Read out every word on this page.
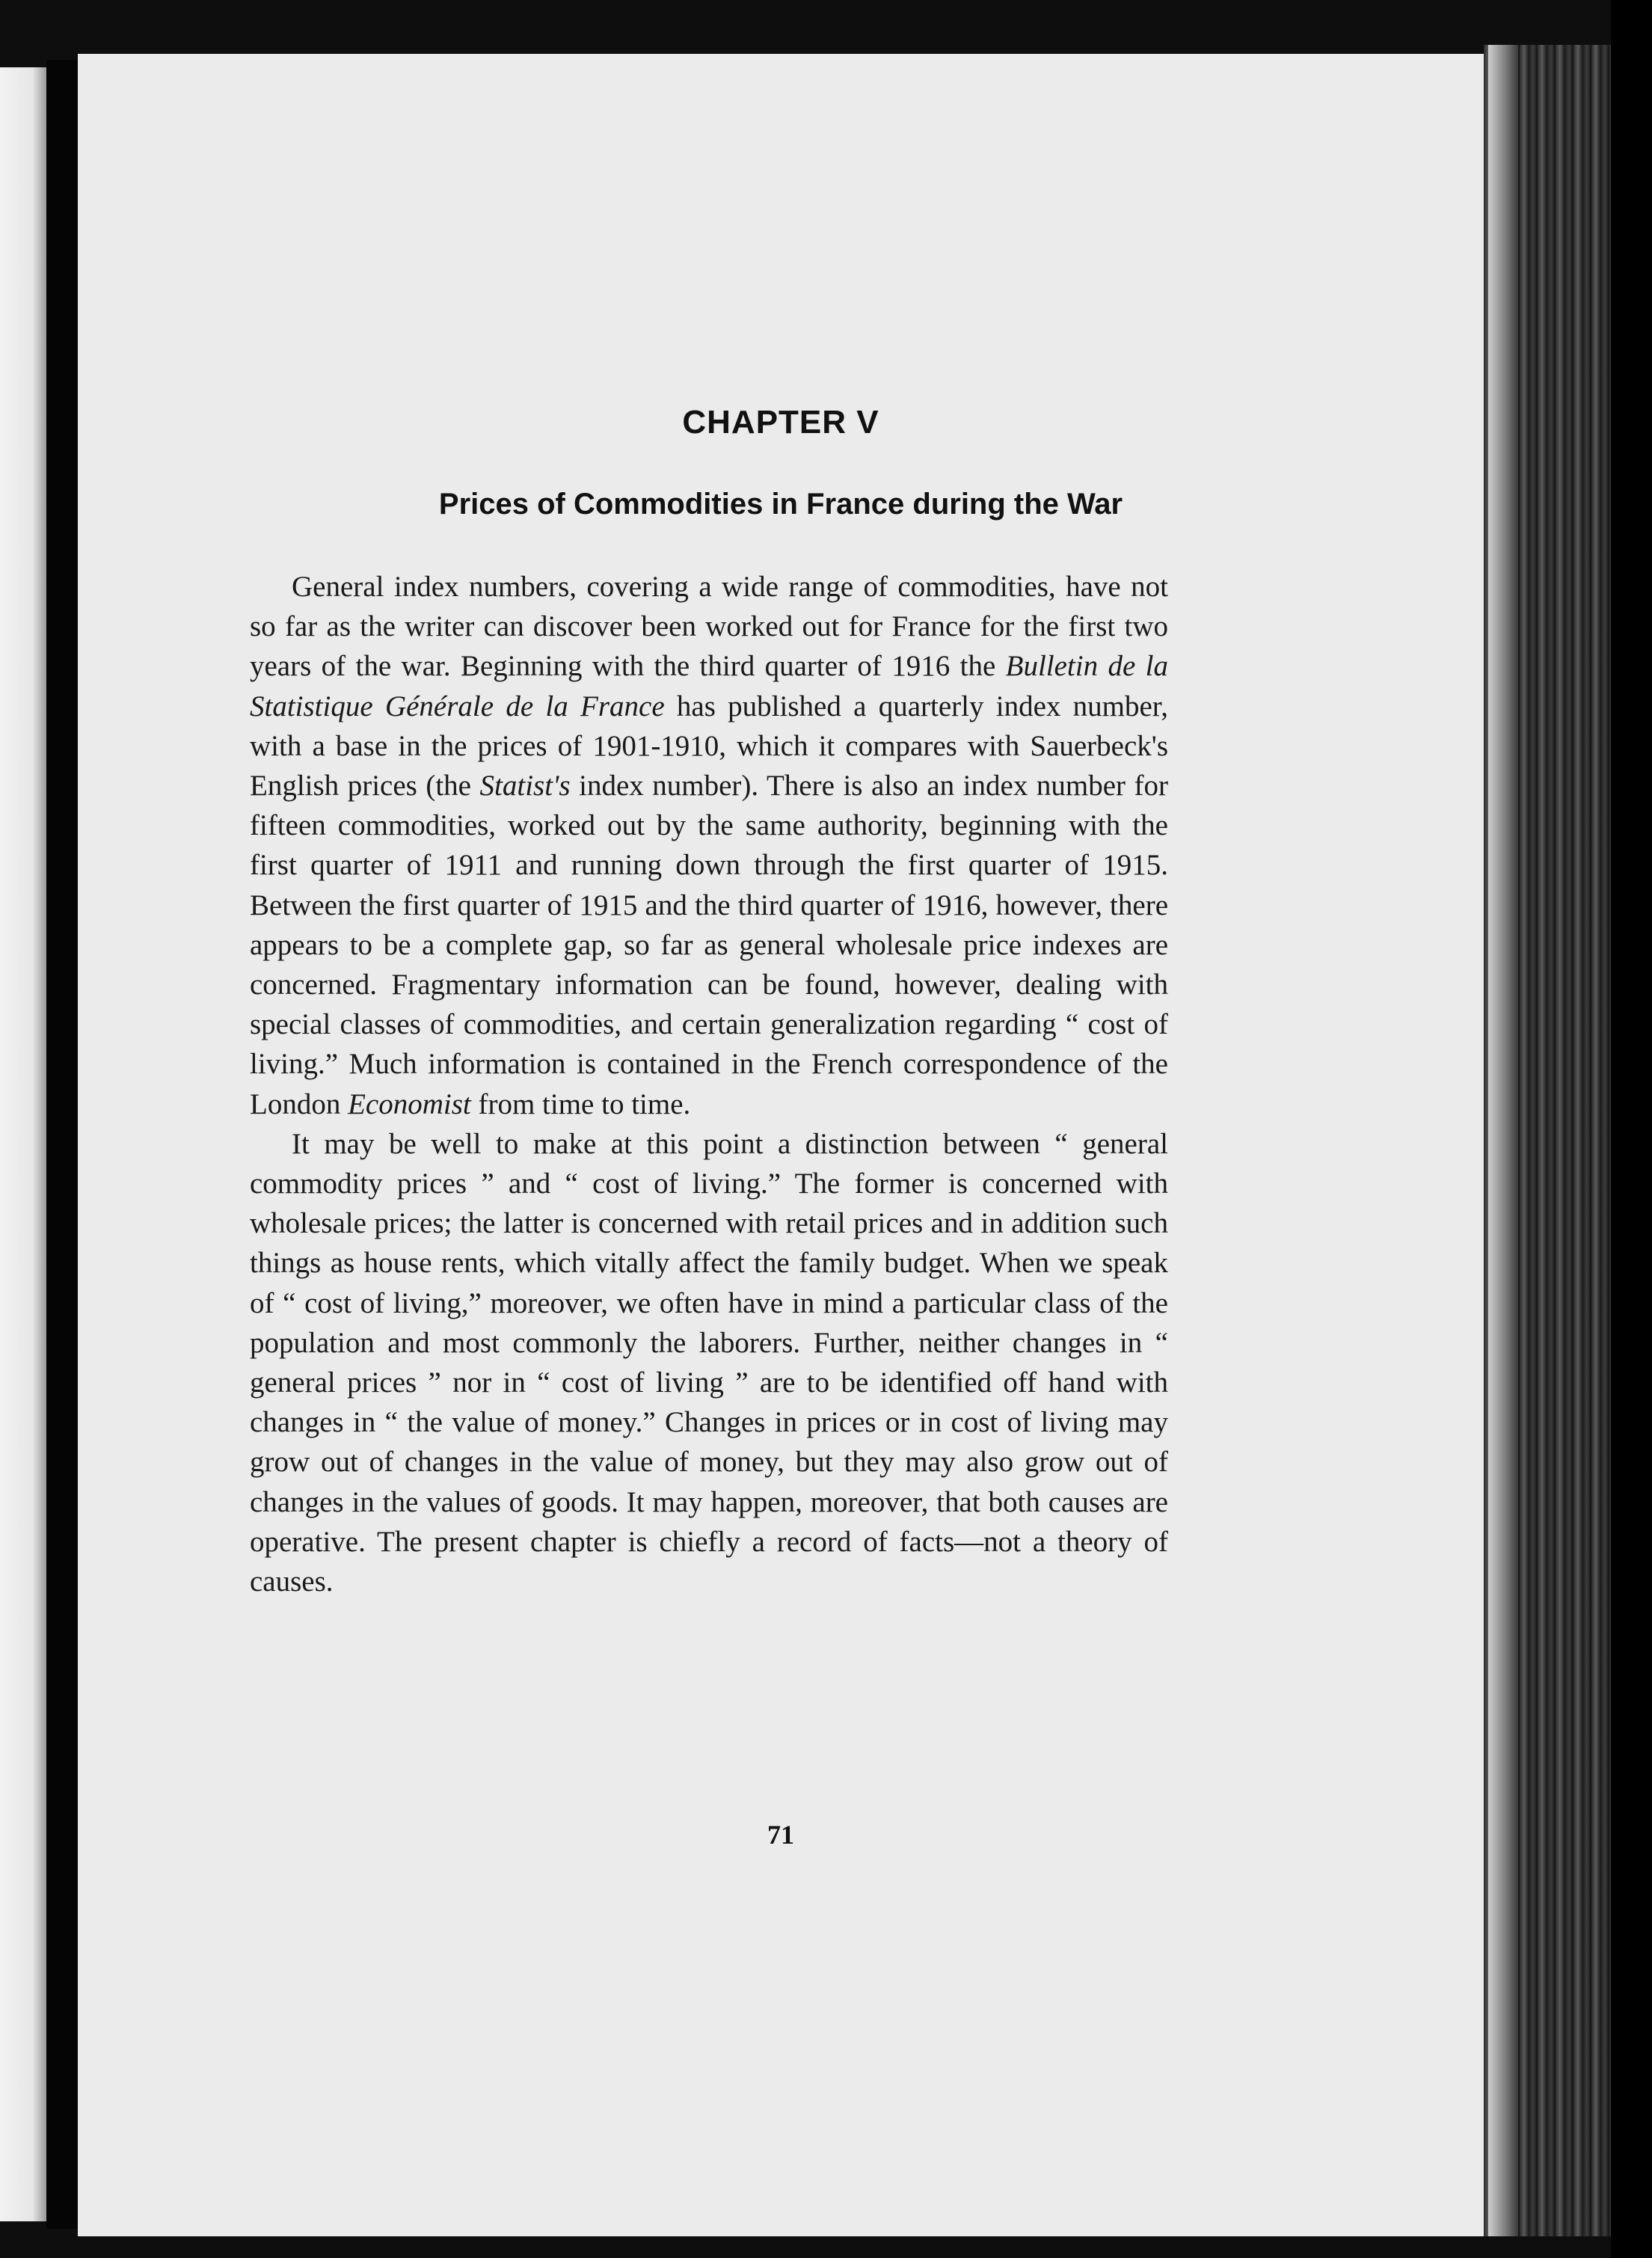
CHAPTER V
Prices of Commodities in France during the War

General index numbers, covering a wide range of commodities, have not so far as the writer can discover been worked out for France for the first two years of the war. Beginning with the third quarter of 1916 the Bulletin de la Statistique Générale de la France has published a quarterly index number, with a base in the prices of 1901-1910, which it compares with Sauerbeck's English prices (the Statist's index number). There is also an index number for fifteen commodities, worked out by the same authority, beginning with the first quarter of 1911 and running down through the first quarter of 1915. Between the first quarter of 1915 and the third quarter of 1916, however, there appears to be a complete gap, so far as general wholesale price indexes are concerned. Fragmentary information can be found, however, dealing with special classes of commodities, and certain generalization regarding “ cost of living.” Much information is contained in the French correspondence of the London Economist from time to time.

It may be well to make at this point a distinction between “ general commodity prices ” and “ cost of living.” The former is concerned with wholesale prices; the latter is concerned with retail prices and in addition such things as house rents, which vitally affect the family budget. When we speak of “ cost of living,” moreover, we often have in mind a particular class of the population and most commonly the laborers. Further, neither changes in “ general prices ” nor in “ cost of living ” are to be identified off hand with changes in “ the value of money.” Changes in prices or in cost of living may grow out of changes in the value of money, but they may also grow out of changes in the values of goods. It may happen, moreover, that both causes are operative. The present chapter is chiefly a record of facts—not a theory of causes.

71
